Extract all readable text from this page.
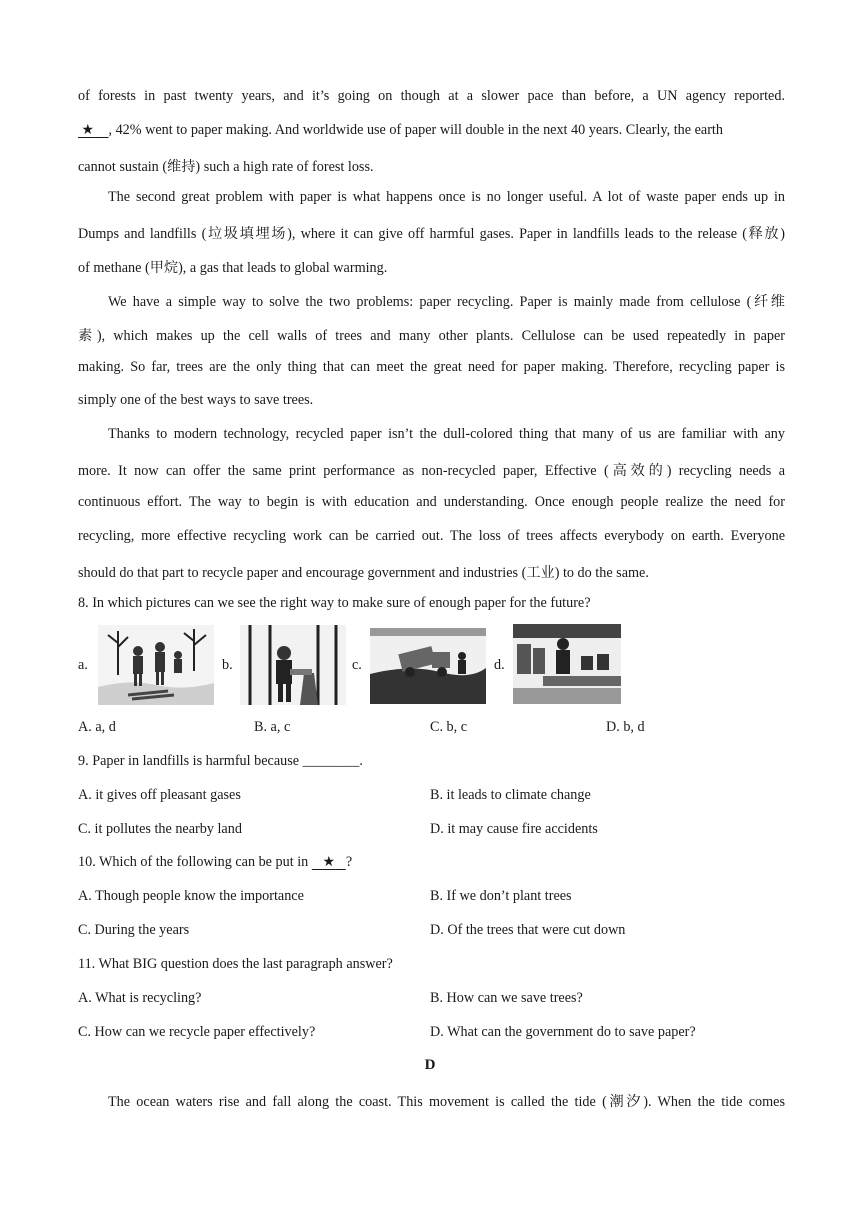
of forests in past twenty years, and it’s going on though at a slower pace than before, a UN agency reported.
★ , 42% went to paper making. And worldwide use of paper will double in the next 40 years. Clearly, the earth
cannot sustain (维持) such a high rate of forest loss.
The second great problem with paper is what happens once is no longer useful. A lot of waste paper ends up in
Dumps and landfills (垃圾填埋场), where it can give off harmful gases. Paper in landfills leads to the release (释放)
of methane (甲烷), a gas that leads to global warming.
We have a simple way to solve the two problems: paper recycling. Paper is mainly made from cellulose (纤维
素), which makes up the cell walls of trees and many other plants. Cellulose can be used repeatedly in paper
making. So far, trees are the only thing that can meet the great need for paper making. Therefore, recycling paper is
simply one of the best ways to save trees.
Thanks to modern technology, recycled paper isn’t the dull-colored thing that many of us are familiar with any
more. It now can offer the same print performance as non-recycled paper, Effective (高效的) recycling needs a
continuous effort. The way to begin is with education and understanding. Once enough people realize the need for
recycling, more effective recycling work can be carried out. The loss of trees affects everybody on earth. Everyone
should do that part to recycle paper and encourage government and industries (工业) to do the same.
8. In which pictures can we see the right way to make sure of enough paper for the future?
a.	b.	c.	d.
A. a, d	B. a, c	C. b, c	D. b, d
9. Paper in landfills is harmful because ________.
A. it gives off pleasant gases	B. it leads to climate change
C. it pollutes the nearby land	D. it may cause fire accidents
10. Which of the following can be put in    ★ ?
A. Though people know the importance	B. If we don’t plant trees
C. During the years	D. Of the trees that were cut down
11. What BIG question does the last paragraph answer?
A. What is recycling?	B. How can we save trees?
C. How can we recycle paper effectively?	D. What can the government do to save paper?
D
The ocean waters rise and fall along the coast. This movement is called the tide (潮汐). When the tide comes
